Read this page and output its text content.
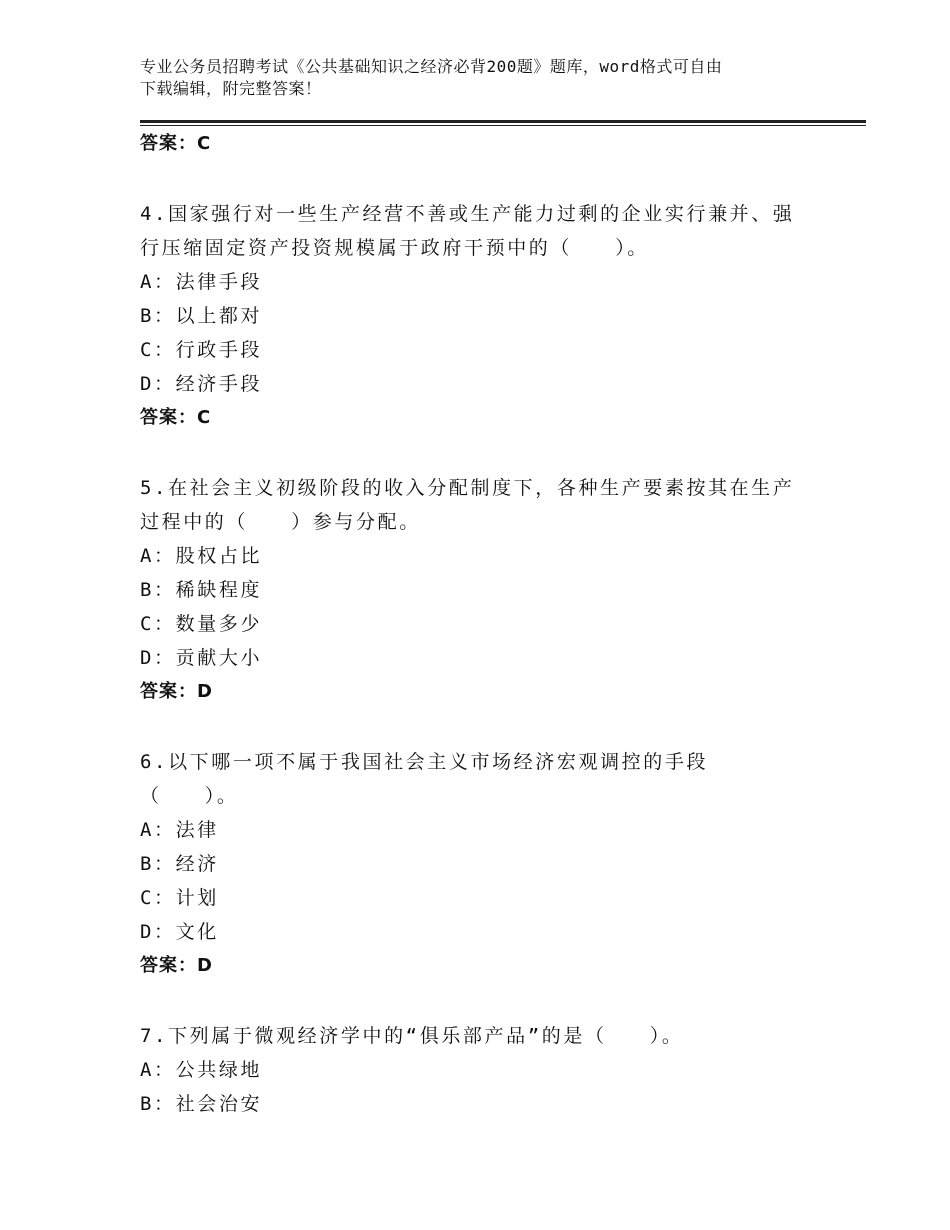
专业公务员招聘考试《公共基础知识之经济必背200题》题库，word格式可自由
下载编辑，附完整答案！
答案：C
4.国家强行对一些生产经营不善或生产能力过剩的企业实行兼并、强
行压缩固定资产投资规模属于政府干预中的（　　）。
A：法律手段
B：以上都对
C：行政手段
D：经济手段
答案：C
5.在社会主义初级阶段的收入分配制度下，各种生产要素按其在生产
过程中的（　　）参与分配。
A：股权占比
B：稀缺程度
C：数量多少
D：贡献大小
答案：D
6.以下哪一项不属于我国社会主义市场经济宏观调控的手段
（　　）。
A：法律
B：经济
C：计划
D：文化
答案：D
7.下列属于微观经济学中的“俱乐部产品”的是（　　）。
A：公共绿地
B：社会治安
